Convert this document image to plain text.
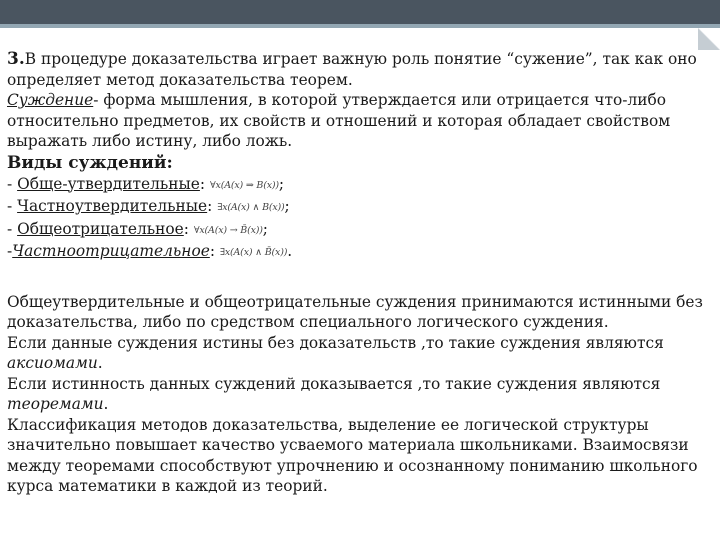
3.В процедуре доказательства играет важную роль понятие “сужение”, так как оно определяет метод доказательства теорем.

Суждение- форма мышления, в которой утверждается или отрицается что-либо относительно предметов, их свойств и отношений и которая обладает свойством выражать либо истину, либо ложь.

Виды суждений:

- Обще-утвердительные: ∀x(A(x) ⇒ B(x));

- Частноутвердительные: ∃x(A(x) ∧ B(x));

- Общеотрицательное: ∀x(A(x) → B̄(x));

-Частноотрицательное: ∃x(A(x) ∧ B̄(x)).

Общеутвердительные и общеотрицательные суждения принимаются истинными без доказательства, либо по средством специального логического суждения.

Если данные суждения истины без доказательств ,то такие суждения являются аксиомами.

Если истинность данных суждений доказывается ,то такие суждения являются теоремами.

Классификация методов доказательства, выделение ее логической структуры значительно повышает качество усваемого материала школьниками. Взаимосвязи между теоремами способствуют упрочнению и осознанному пониманию школьного курса математики в каждой из теорий.
